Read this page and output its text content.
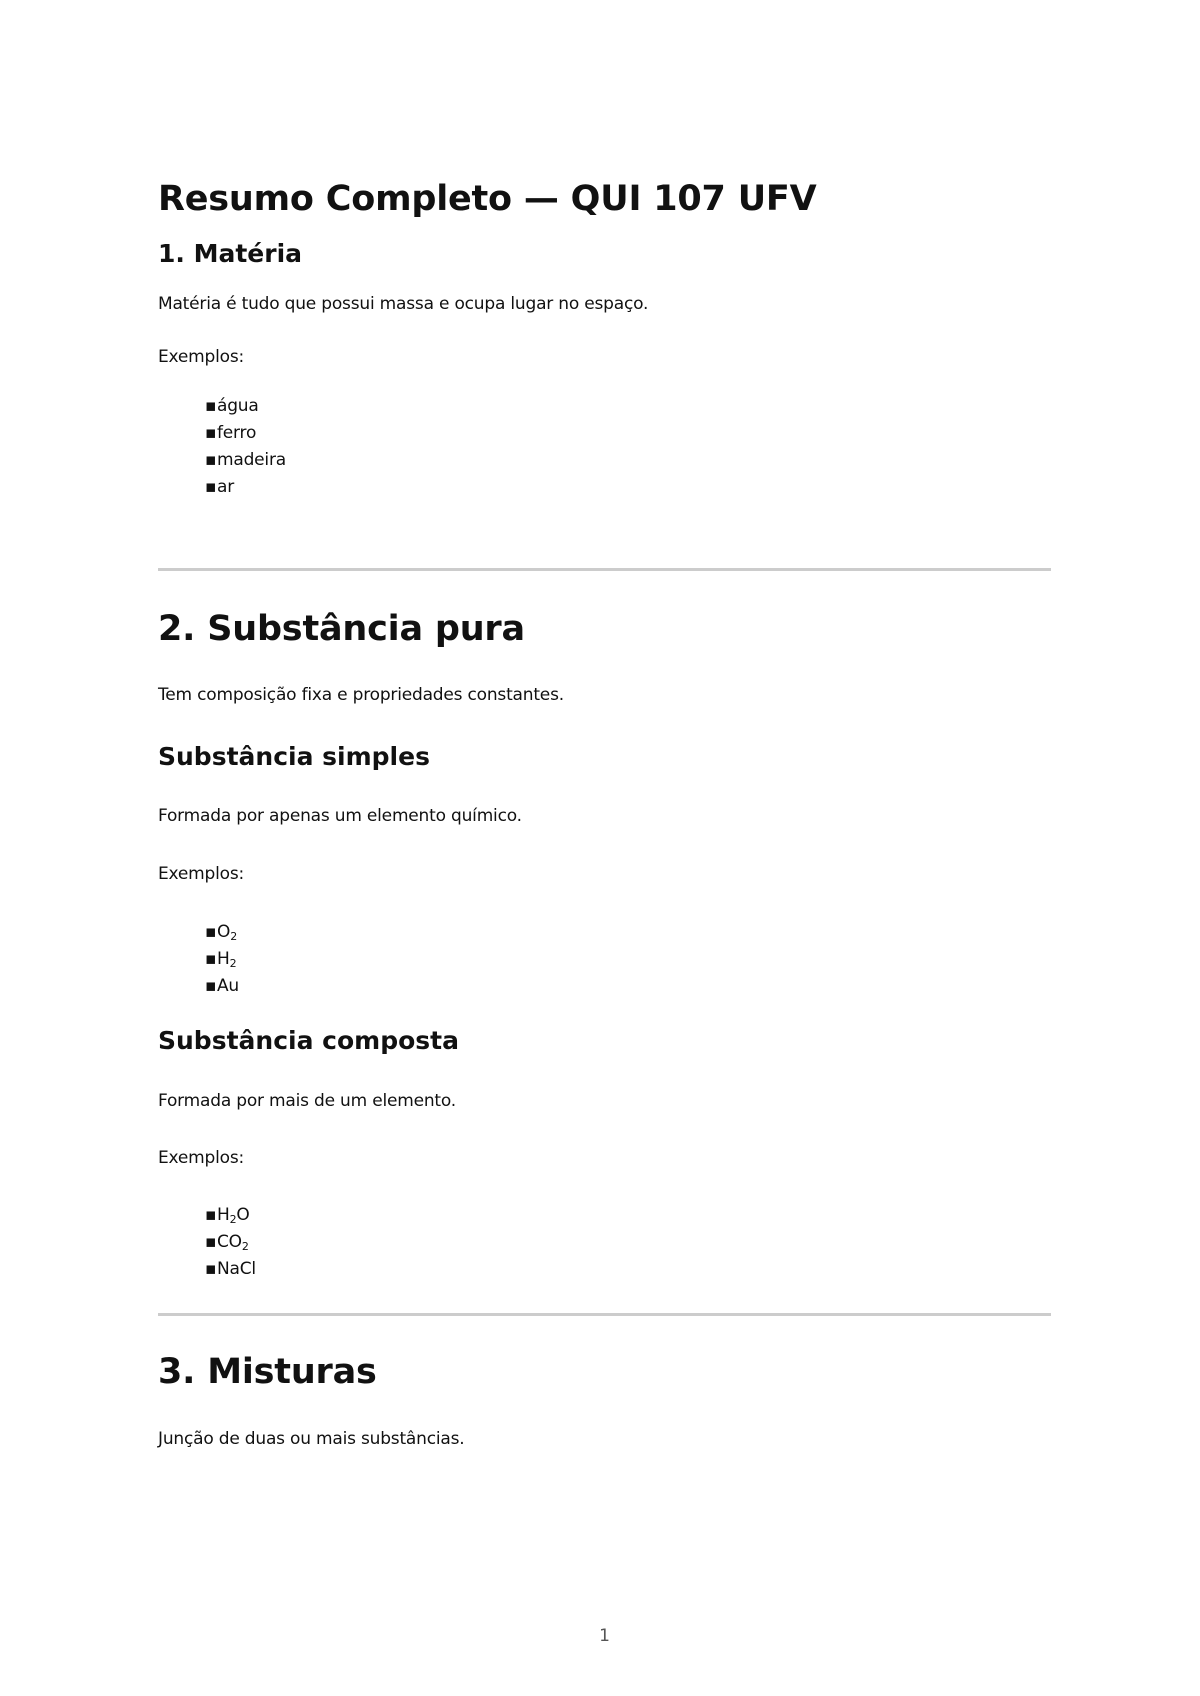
Resumo Completo — QUI 107 UFV
1. Matéria

Matéria é tudo que possui massa e ocupa lugar no espaço.

Exemplos:

▪água
▪ferro
▪madeira
▪ar
2. Substância pura

Tem composição fixa e propriedades constantes.

Substância simples

Formada por apenas um elemento químico.

Exemplos:

$▪O_2$
$▪H_2$
▪Au
Substância composta

Formada por mais de um elemento.

Exemplos:

$▪H_2O$
$▪CO_2$
▪NaCl
3. Misturas

Junção de duas ou mais substâncias.

1
